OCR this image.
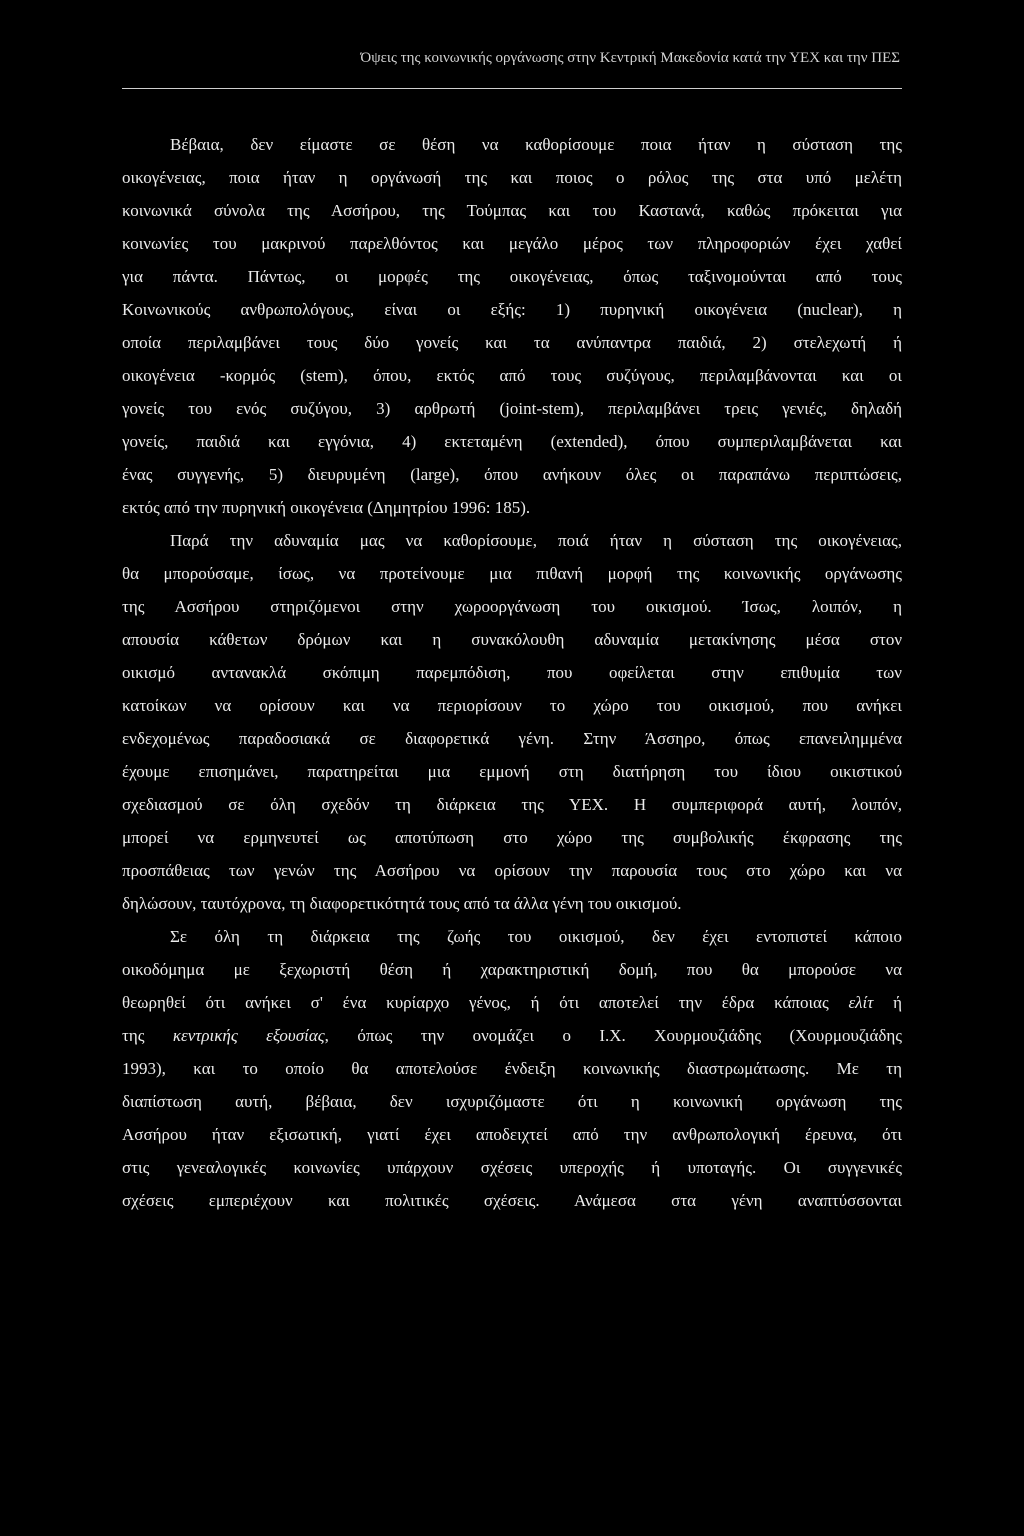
Όψεις της κοινωνικής οργάνωσης στην Κεντρική Μακεδονία κατά την ΥΕΧ και την ΠΕΣ
Βέβαια, δεν είμαστε σε θέση να καθορίσουμε ποια ήταν η σύσταση της
οικογένειας, ποια ήταν η οργάνωσή της και ποιος ο ρόλος της στα υπό μελέτη
κοινωνικά σύνολα της Ασσήρου, της Τούμπας και του Καστανά, καθώς πρόκειται για
κοινωνίες του μακρινού παρελθόντος και μεγάλο μέρος των πληροφοριών έχει χαθεί
για πάντα. Πάντως, οι μορφές της οικογένειας, όπως ταξινομούνται από τους
Κοινωνικούς ανθρωπολόγους, είναι οι εξής: 1) πυρηνική οικογένεια (nuclear), η
οποία περιλαμβάνει τους δύο γονείς και τα ανύπαντρα παιδιά, 2) στελεχωτή ή
οικογένεια -κορμός (stem), όπου, εκτός από τους συζύγους, περιλαμβάνονται και οι
γονείς του ενός συζύγου, 3) αρθρωτή (joint-stem), περιλαμβάνει τρεις γενιές, δηλαδή
γονείς, παιδιά και εγγόνια, 4) εκτεταμένη (extended), όπου συμπεριλαμβάνεται και
ένας συγγενής, 5) διευρυμένη (large), όπου ανήκουν όλες οι παραπάνω περιπτώσεις,
εκτός από την πυρηνική οικογένεια (Δημητρίου 1996: 185).
Παρά την αδυναμία μας να καθορίσουμε, ποιά ήταν η σύσταση της οικογένειας,
θα μπορούσαμε, ίσως, να προτείνουμε μια πιθανή μορφή της κοινωνικής οργάνωσης
της Ασσήρου στηριζόμενοι στην χωροοργάνωση του οικισμού. Ίσως, λοιπόν, η
απουσία κάθετων δρόμων και η συνακόλουθη αδυναμία μετακίνησης μέσα στον
οικισμό αντανακλά σκόπιμη παρεμπόδιση, που οφείλεται στην επιθυμία των
κατοίκων να ορίσουν και να περιορίσουν το χώρο του οικισμού, που ανήκει
ενδεχομένως παραδοσιακά σε διαφορετικά γένη. Στην Άσσηρο, όπως επανειλημμένα
έχουμε επισημάνει, παρατηρείται μια εμμονή στη διατήρηση του ίδιου οικιστικού
σχεδιασμού σε όλη σχεδόν τη διάρκεια της ΥΕΧ. Η συμπεριφορά αυτή, λοιπόν,
μπορεί να ερμηνευτεί ως αποτύπωση στο χώρο της συμβολικής έκφρασης της
προσπάθειας των γενών της Ασσήρου να ορίσουν την παρουσία τους στο χώρο και να
δηλώσουν, ταυτόχρονα, τη διαφορετικότητά τους από τα άλλα γένη του οικισμού.
Σε όλη τη διάρκεια της ζωής του οικισμού, δεν έχει εντοπιστεί κάποιο
οικοδόμημα με ξεχωριστή θέση ή χαρακτηριστική δομή, που θα μπορούσε να
θεωρηθεί ότι ανήκει σ' ένα κυρίαρχο γένος, ή ότι αποτελεί την έδρα κάποιας ελίτ ή
της κεντρικής εξουσίας, όπως την ονομάζει ο Ι.Χ. Χουρμουζιάδης (Χουρμουζιάδης
1993), και το οποίο θα αποτελούσε ένδειξη κοινωνικής διαστρωμάτωσης. Με τη
διαπίστωση αυτή, βέβαια, δεν ισχυριζόμαστε ότι η κοινωνική οργάνωση της
Ασσήρου ήταν εξισωτική, γιατί έχει αποδειχτεί από την ανθρωπολογική έρευνα, ότι
στις γενεαλογικές κοινωνίες υπάρχουν σχέσεις υπεροχής ή υποταγής. Οι συγγενικές
σχέσεις εμπεριέχουν και πολιτικές σχέσεις. Ανάμεσα στα γένη αναπτύσσονται
